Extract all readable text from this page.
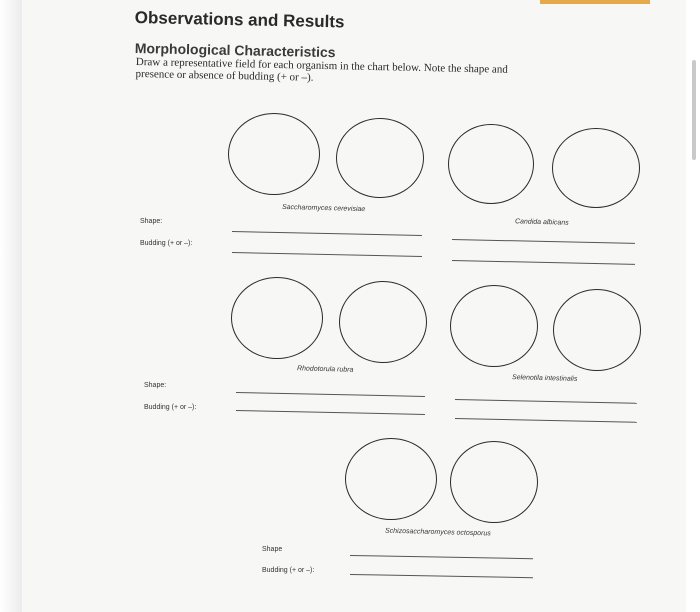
Observations and Results
Morphological Characteristics
Draw a representative field for each organism in the chart below. Note the shape and presence or absence of budding (+ or –).
Saccharomyces cerevisiae
Candida albicans
Shape:
Budding (+ or –):
Rhodotorula rubra
Selenotila intestinalis
Shape:
Budding (+ or –):
Schizosaccharomyces octosporus
Shape
Budding (+ or –):
